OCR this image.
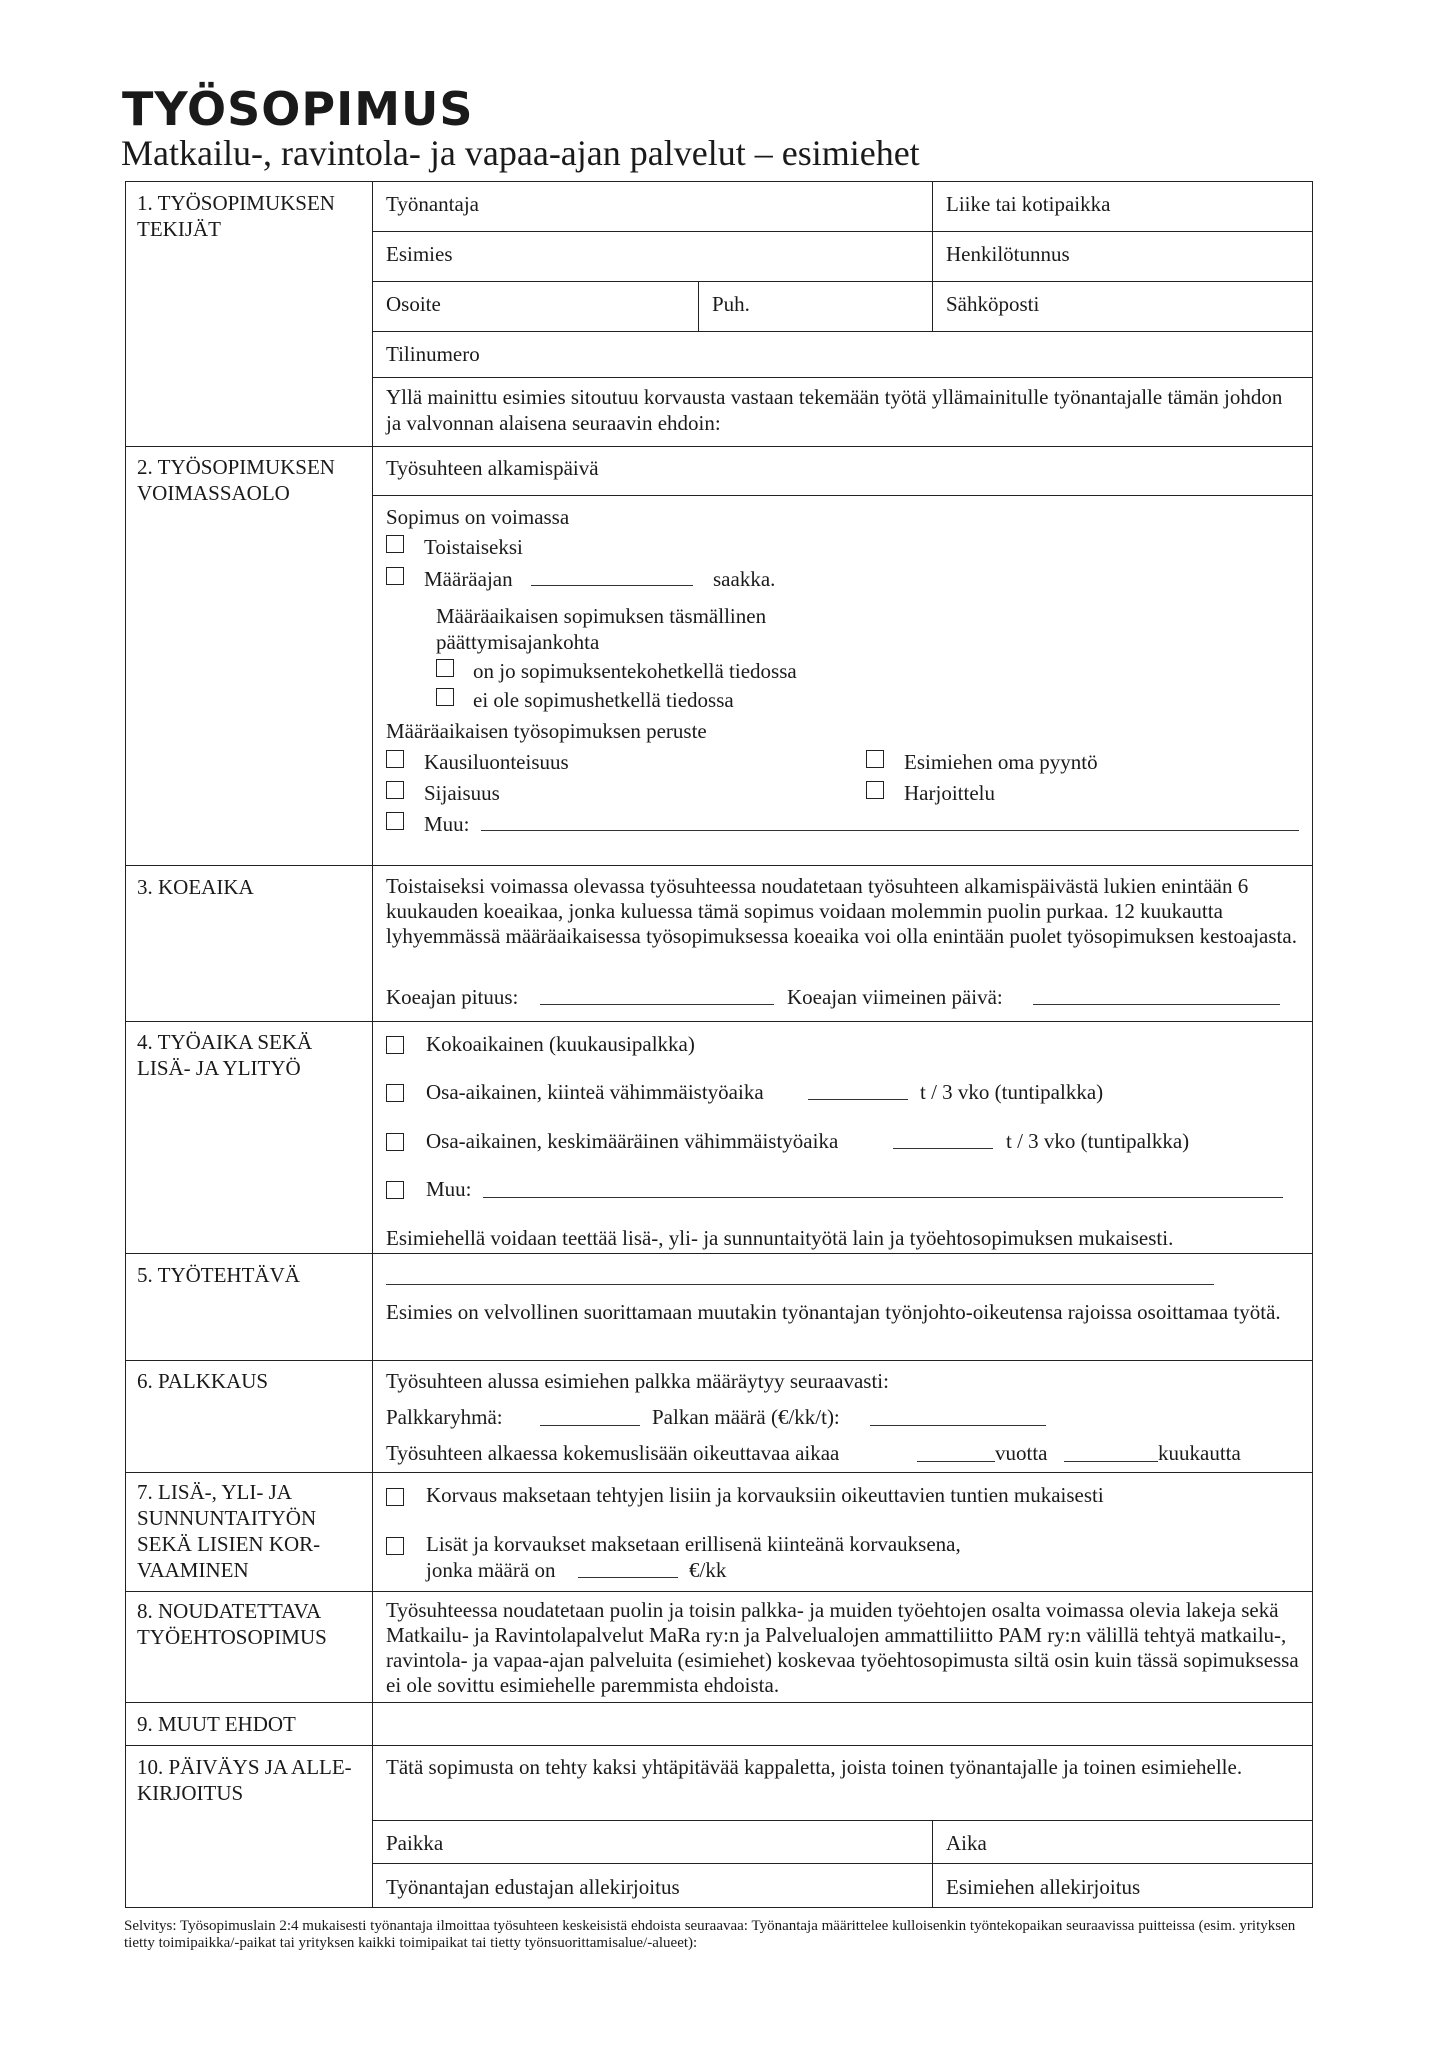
TYÖSOPIMUS
Matkailu-, ravintola- ja vapaa-ajan palvelut – esimiehet
1. TYÖSOPIMUKSEN TEKIJÄT
Työnantaja	Liike tai kotipaikka
Esimies	Henkilötunnus
Osoite	Puh.	Sähköposti
Tilinumero
Yllä mainittu esimies sitoutuu korvausta vastaan tekemään työtä yllämainitulle työnantajalle tämän johdon ja valvonnan alaisena seuraavin ehdoin:
2. TYÖSOPIMUKSEN VOIMASSAOLO
Työsuhteen alkamispäivä
Sopimus on voimassa
Toistaiseksi
Määräajan	saakka.
Määräaikaisen sopimuksen täsmällinen päättymisajankohta
on jo sopimuksentekohetkellä tiedossa
ei ole sopimushetkellä tiedossa
Määräaikaisen työsopimuksen peruste
Kausiluonteisuus	Esimiehen oma pyyntö
Sijaisuus	Harjoittelu
Muu:
3. KOEAIKA	Toistaiseksi voimassa olevassa työsuhteessa noudatetaan työsuhteen alkamispäivästä lukien enintään 6 kuukauden koeaikaa, jonka kuluessa tämä sopimus voidaan molemmin puolin purkaa. 12 kuukautta lyhyemmässä määräaikaisessa työsopimuksessa koeaika voi olla enintään puolet työsopimuksen kestoajasta.
Koeajan pituus:	Koeajan viimeinen päivä:
4. TYÖAIKA SEKÄ LISÄ- JA YLITYÖ
Kokoaikainen (kuukausipalkka)
Osa-aikainen, kiinteä vähimmäistyöaika	t / 3 vko (tuntipalkka)
Osa-aikainen, keskimääräinen vähimmäistyöaika	t / 3 vko (tuntipalkka)
Muu:
Esimiehellä voidaan teettää lisä-, yli- ja sunnuntaityötä lain ja työehtosopimuksen mukaisesti.
5. TYÖTEHTÄVÄ
Esimies on velvollinen suorittamaan muutakin työnantajan työnjohto-oikeutensa rajoissa osoittamaa työtä.
6. PALKKAUS	Työsuhteen alussa esimiehen palkka määräytyy seuraavasti:
Palkkaryhmä:	Palkan määrä (€/kk/t):
Työsuhteen alkaessa kokemuslisään oikeuttavaa aikaa	vuotta	kuukautta
7. LISÄ-, YLI- JA SUNNUNTAITYÖN SEKÄ LISIEN KOR- VAAMINEN
Korvaus maksetaan tehtyjen lisiin ja korvauksiin oikeuttavien tuntien mukaisesti
Lisät ja korvaukset maksetaan erillisenä kiinteänä korvauksena,
jonka määrä on	€/kk
8. NOUDATETTAVA TYÖEHTOSOPIMUS
Työsuhteessa noudatetaan puolin ja toisin palkka- ja muiden työehtojen osalta voimassa olevia lakeja sekä Matkailu- ja Ravintolapalvelut MaRa ry:n ja Palvelualojen ammattiliitto PAM ry:n välillä tehtyä matkailu-, ravintola- ja vapaa-ajan palveluita (esimiehet) koskevaa työehtosopimusta siltä osin kuin tässä sopimuksessa ei ole sovittu esimiehelle paremmista ehdoista.
9. MUUT EHDOT
10. PÄIVÄYS JA ALLE- KIRJOITUS
Tätä sopimusta on tehty kaksi yhtäpitävää kappaletta, joista toinen työnantajalle ja toinen esimiehelle.
Paikka	Aika
Työnantajan edustajan allekirjoitus	Esimiehen allekirjoitus
Selvitys: Työsopimuslain 2:4 mukaisesti työnantaja ilmoittaa työsuhteen keskeisistä ehdoista seuraavaa: Työnantaja määrittelee kulloisenkin työntekopaikan seuraavissa puitteissa (esim. yrityksen tietty toimipaikka/-paikat tai yrityksen kaikki toimipaikat tai tietty työnsuorittamisalue/-alueet):
